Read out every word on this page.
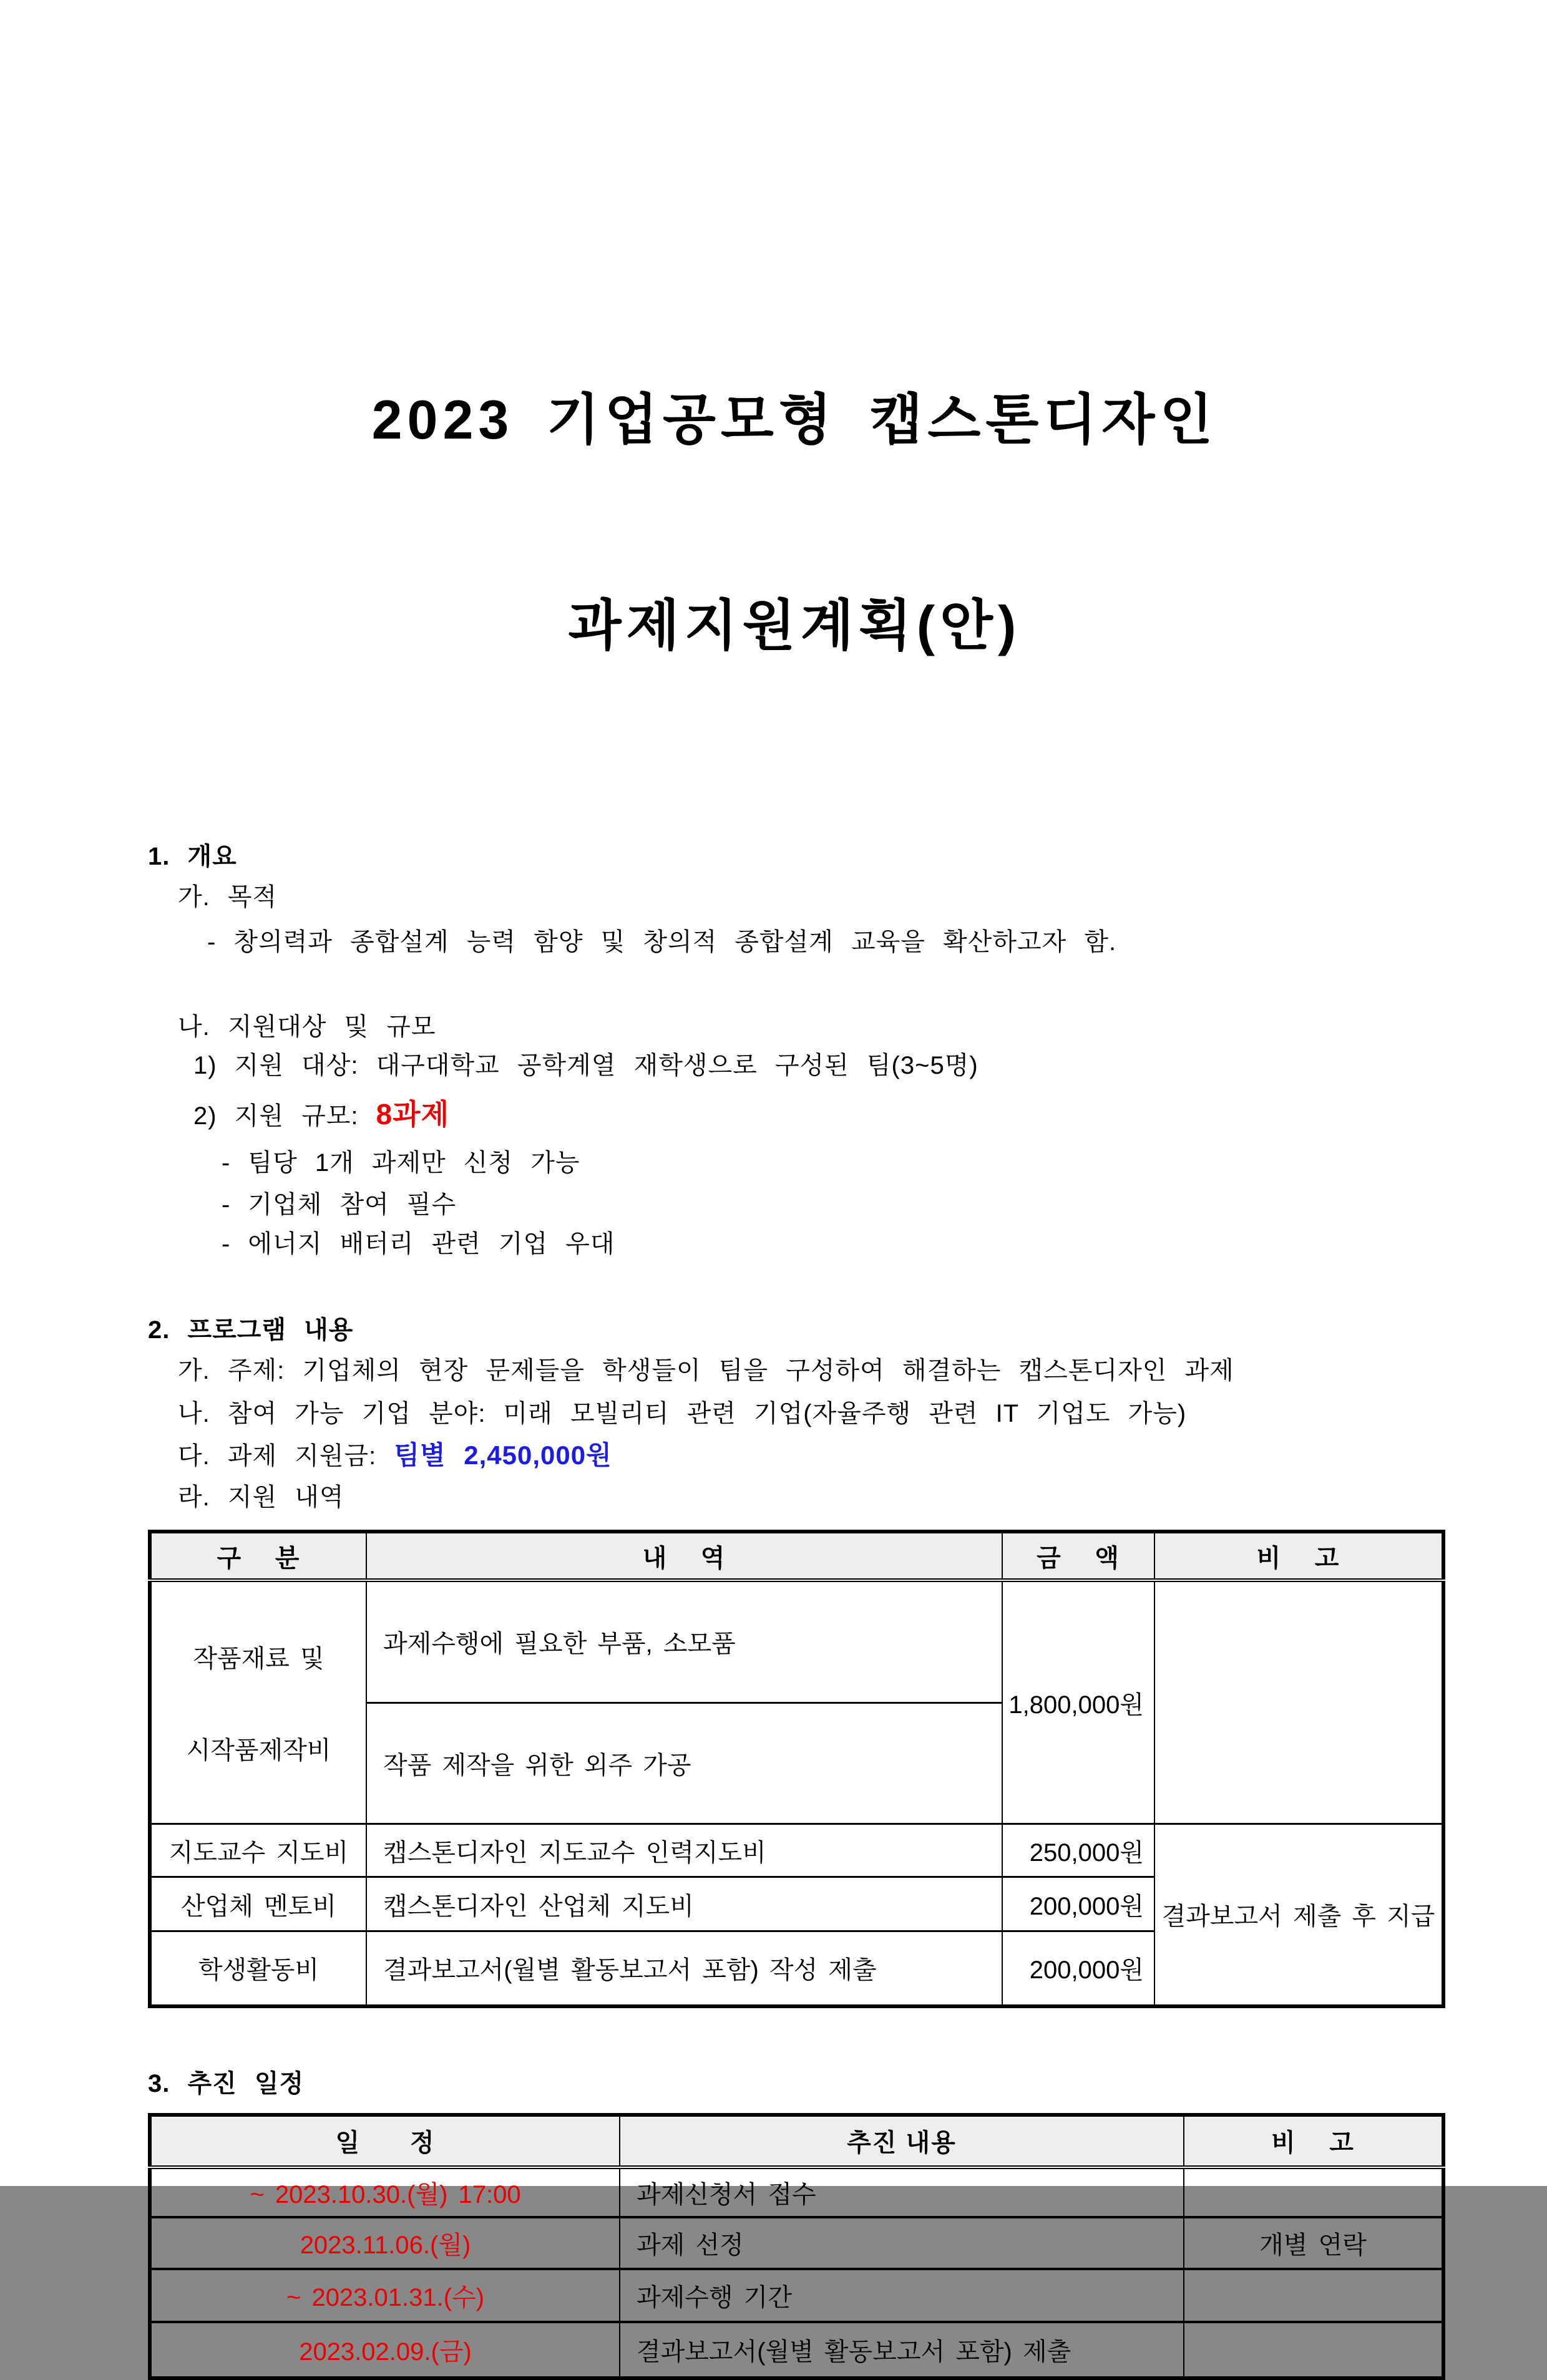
2023 기업공모형 캡스톤디자인

과제지원계획(안)

1. 개요
가. 목적
- 창의력과 종합설계 능력 함양 및 창의적 종합설계 교육을 확산하고자 함.
나. 지원대상 및 규모
1) 지원 대상: 대구대학교 공학계열 재학생으로 구성된 팀(3~5명)
2) 지원 규모: 8과제
- 팀당 1개 과제만 신청 가능
- 기업체 참여 필수
- 에너지 배터리 관련 기업 우대
2. 프로그램 내용
가. 주제: 기업체의 현장 문제들을 학생들이 팀을 구성하여 해결하는 캡스톤디자인 과제
나. 참여 가능 기업 분야: 미래 모빌리티 관련 기업(자율주행 관련 IT 기업도 가능)
다. 과제 지원금: 팀별 2,450,000원
라. 지원 내역
구    분	내    역	금    액	비    고

작품재료 및

시작품제작비	과제수행에 필요한 부품, 소모품	1,800,000원	
	작품 제작을 위한 외주 가공		
지도교수 지도비	캡스톤디자인 지도교수 인력지도비	250,000원	결과보고서 제출 후 지급
산업체 멘토비	캡스톤디자인 산업체 지도비	200,000원	
학생활동비	결과보고서(월별 활동보고서 포함) 작성 제출	200,000원	
3. 추진 일정
일      정	추진 내용	비    고
~ 2023.10.30.(월) 17:00	과제신청서 접수	
2023.11.06.(월)	과제 선정	개별 연락
~ 2023.01.31.(수)	과제수행 기간	
2023.02.09.(금)	결과보고서(월별 활동보고서 포함) 제출	
